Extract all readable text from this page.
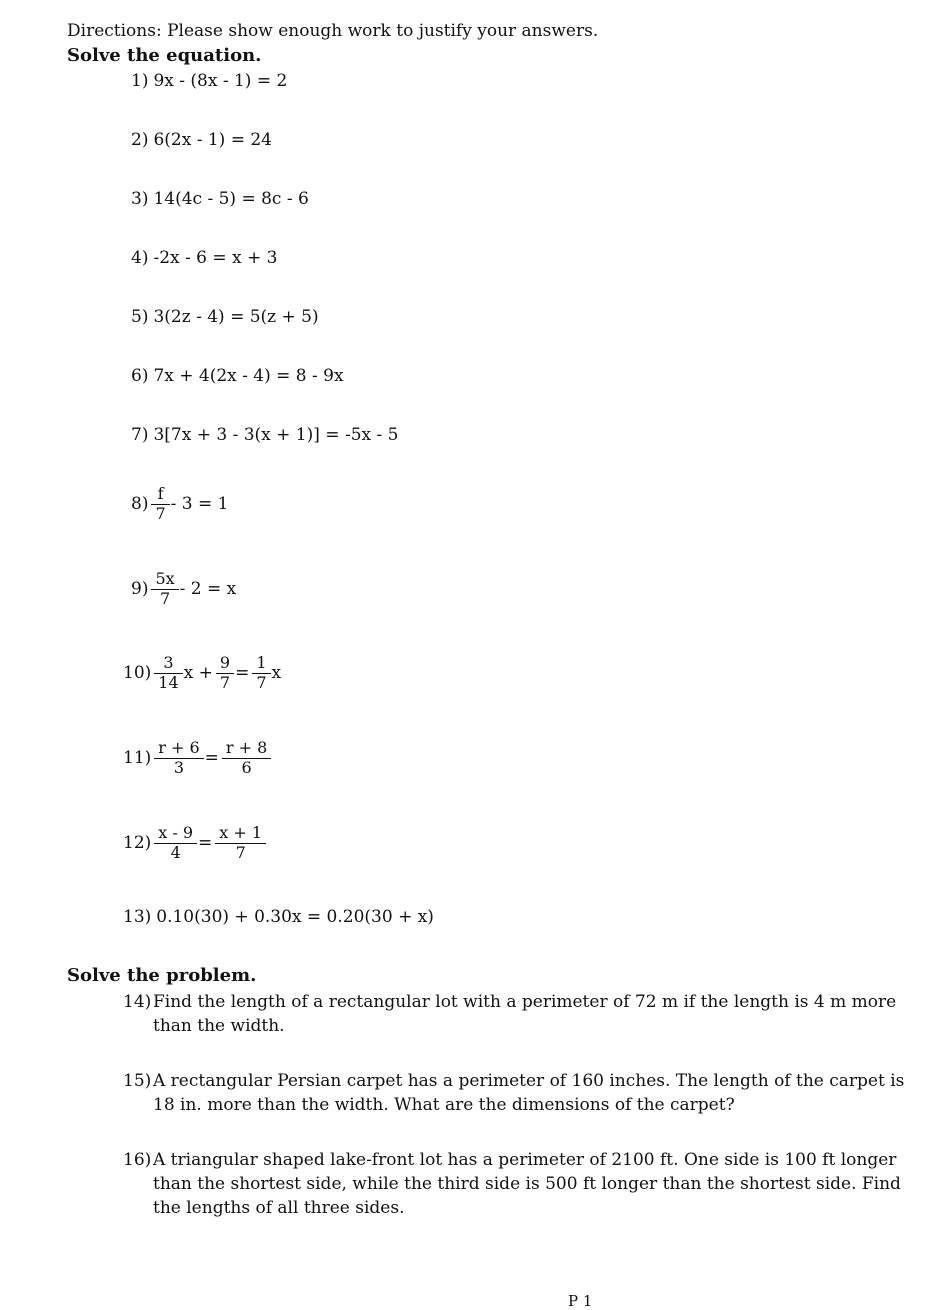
Directions: Please show enough work to justify your answers.
Solve the equation.
1) 9x - (8x - 1) = 2
2) 6(2x - 1) = 24
3) 14(4c - 5) = 8c - 6
4) -2x - 6 = x + 3
5) 3(2z - 4) = 5(z + 5)
6) 7x + 4(2x - 4) = 8 - 9x
7) 3[7x + 3 - 3(x + 1)] = -5x - 5
$8) \frac{f}{7} - 3 = 1$
$9) \frac{5x}{7} - 2 = x$
$10) \frac{3}{14}$ $x + \frac{9}{7} = \frac{1}{7}$ x
$11) \frac{r + 6}{3} = \frac{r + 8}{6}$
$12) \frac{x - 9}{4} = \frac{x + 1}{7}$
13) 0.10(30) + 0.30x = 0.20(30 + x)
Solve the problem.
14) Find the length of a rectangular lot with a perimeter of 72 m if the length is 4 m more than the width.
15) A rectangular Persian carpet has a perimeter of 160 inches. The length of the carpet is 18 in. more than the width. What are the dimensions of the carpet?
16) A triangular shaped lake-front lot has a perimeter of 2100 ft. One side is 100 ft longer than the shortest side, while the third side is 500 ft longer than the shortest side. Find the lengths of all three sides.
P 1
